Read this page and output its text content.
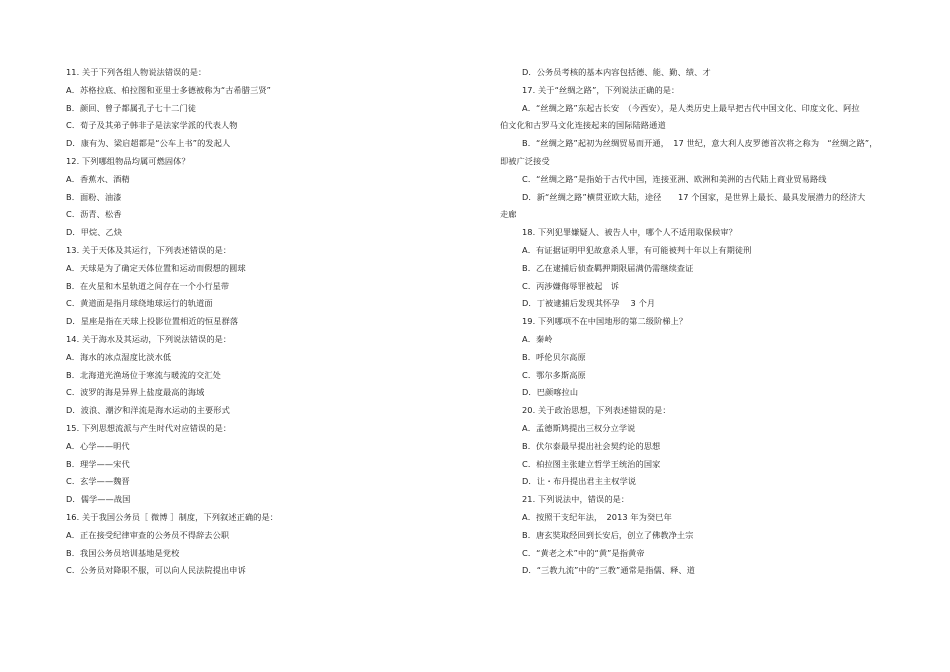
11. 关于下列各组人物说法错误的是：
A．苏格拉底、柏拉图和亚里士多德被称为“古希腊三贤”
B．颜回、曾子都属孔子七十二门徒
C．荀子及其弟子韩非子是法家学派的代表人物
D．康有为、梁启超都是“公车上书”的发起人
12. 下列哪组物品均属可燃固体？
A．香蕉水、酒精
B．面粉、油漆
C．沥青、松香
D．甲烷、乙炔
13. 关于天体及其运行，下列表述错误的是：
A．天球是为了确定天体位置和运动而假想的圆球
B．在火星和木星轨道之间存在一个小行星带
C．黄道面是指月球绕地球运行的轨道面
D．星座是指在天球上投影位置相近的恒星群落
14. 关于海水及其运动，下列说法错误的是：
A．海水的冰点湿度比淡水低
B．北海道光渔场位于寒流与暖流的交汇处
C．波罗的海是异界上盐度最高的海域
D．波浪、潮汐和洋流是海水运动的主要形式
15. 下列思想流派与产生时代对应错误的是：
A．心学——明代
B．理学——宋代
C．玄学——魏晋
D．儒学——战国
16. 关于我国公务员［ 微博 ］制度，下列叙述正确的是：
A．正在接受纪律审查的公务员不得辞去公职
B．我国公务员培训基地是党校
C．公务员对降职不服，可以向人民法院提出申诉
D．公务员考核的基本内容包括德、能、勤、绩、才
17. 关于“丝绸之路”，下列说法正确的是：
A．“丝绸之路”东起古长安　（今西安），是人类历史上最早把古代中国文化、印度文化、阿拉
伯文化和古罗马文化连接起来的国际陆路通道
B．“丝绸之路”起初为丝绸贸易而开通，　17 世纪，意大利人皮罗德首次将之称为　“丝绸之路”，
即被广泛接受
C．“丝绸之路”是指始于古代中国，连接亚洲、欧洲和美洲的古代陆上商业贸易路线
D．新“丝绸之路”横贯亚欧大陆，途径　　17 个国家，是世界上最长、最具发展潜力的经济大
走廊
18. 下列犯罪嫌疑人、被告人中，哪个人不适用取保候审？
A．有证据证明甲犯故意杀人罪，有可能被判十年以上有期徒刑
B．乙在逮捕后侦查羁押期限届满仍需继续查证
C．丙涉嫌侮辱罪被起　诉
D．丁被逮捕后发现其怀孕　 3 个月
19. 下列哪项不在中国地形的第二级阶梯上？
A．秦岭
B．呼伦贝尔高原
C．鄂尔多斯高原
D．巴颜喀拉山
20. 关于政治思想，下列表述错误的是：
A．孟德斯鸠提出三权分立学说
B．伏尔泰最早提出社会契约论的思想
C．柏拉图主张建立哲学王统治的国家
D．让・布丹提出君主主权学说
21. 下列说法中，错误的是：
A．按照干支纪年法，　2013 年为癸巳年
B．唐玄奘取经回到长安后，创立了佛教净土宗
C．“黄老之术”中的“黄”是指黄帝
D．“三教九流”中的“三教”通常是指儒、释、道
